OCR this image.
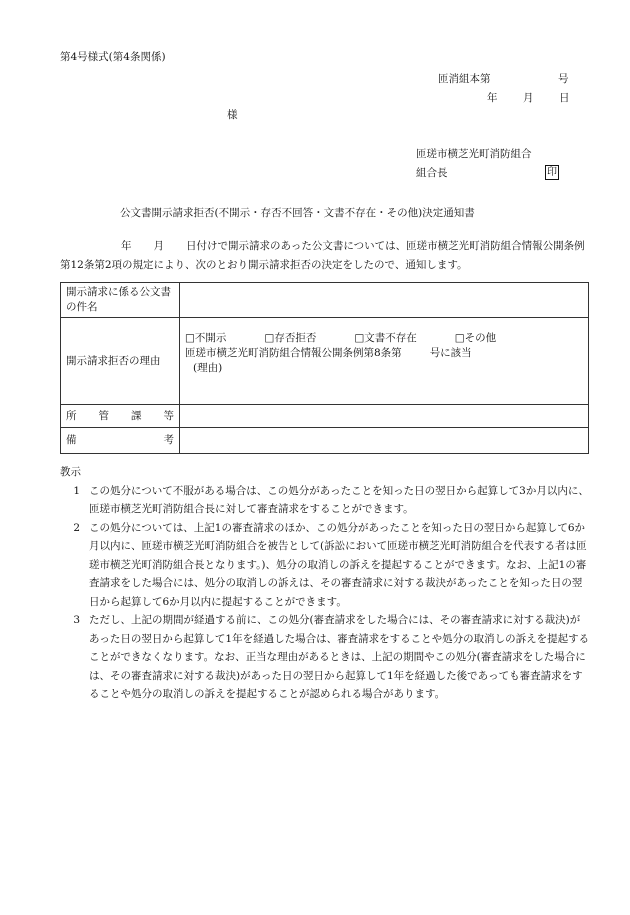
第4号様式(第4条関係)
匝消組本第	号
年 月 日
様
匝瑳市横芝光町消防組合
組合長	印
公文書開示請求拒否(不開示・存否不回答・文書不存在・その他)決定通知書
年 月 日付けで開示請求のあった公文書については、匝瑳市横芝光町消防組合情報公開条例第12条第2項の規定により、次のとおり開示請求拒否の決定をしたので、通知します。
開示請求に係る公文書の件名	
開示請求拒否の理由	□不開示 □存否拒否 □文書不存在 □その他
匝瑳市横芝光町消防組合情報公開条例第8条第 号に該当
(理由)

所 管 課 等	

備 考	

教示
1 この処分について不服がある場合は、この処分があったことを知った日の翌日から起算して3か月以内に、匝瑳市横芝光町消防組合長に対して審査請求をすることができます。
2 この処分については、上記1の審査請求のほか、この処分があったことを知った日の翌日から起算して6か月以内に、匝瑳市横芝光町消防組合を被告として(訴訟において匝瑳市横芝光町消防組合を代表する者は匝瑳市横芝光町消防組合長となります。)、処分の取消しの訴えを提起することができます。なお、上記1の審査請求をした場合には、処分の取消しの訴えは、その審査請求に対する裁決があったことを知った日の翌日から起算して6か月以内に提起することができます。
3 ただし、上記の期間が経過する前に、この処分(審査請求をした場合には、その審査請求に対する裁決)があった日の翌日から起算して1年を経過した場合は、審査請求をすることや処分の取消しの訴えを提起することができなくなります。なお、正当な理由があるときは、上記の期間やこの処分(審査請求をした場合には、その審査請求に対する裁決)があった日の翌日から起算して1年を経過した後であっても審査請求をすることや処分の取消しの訴えを提起することが認められる場合があります。
